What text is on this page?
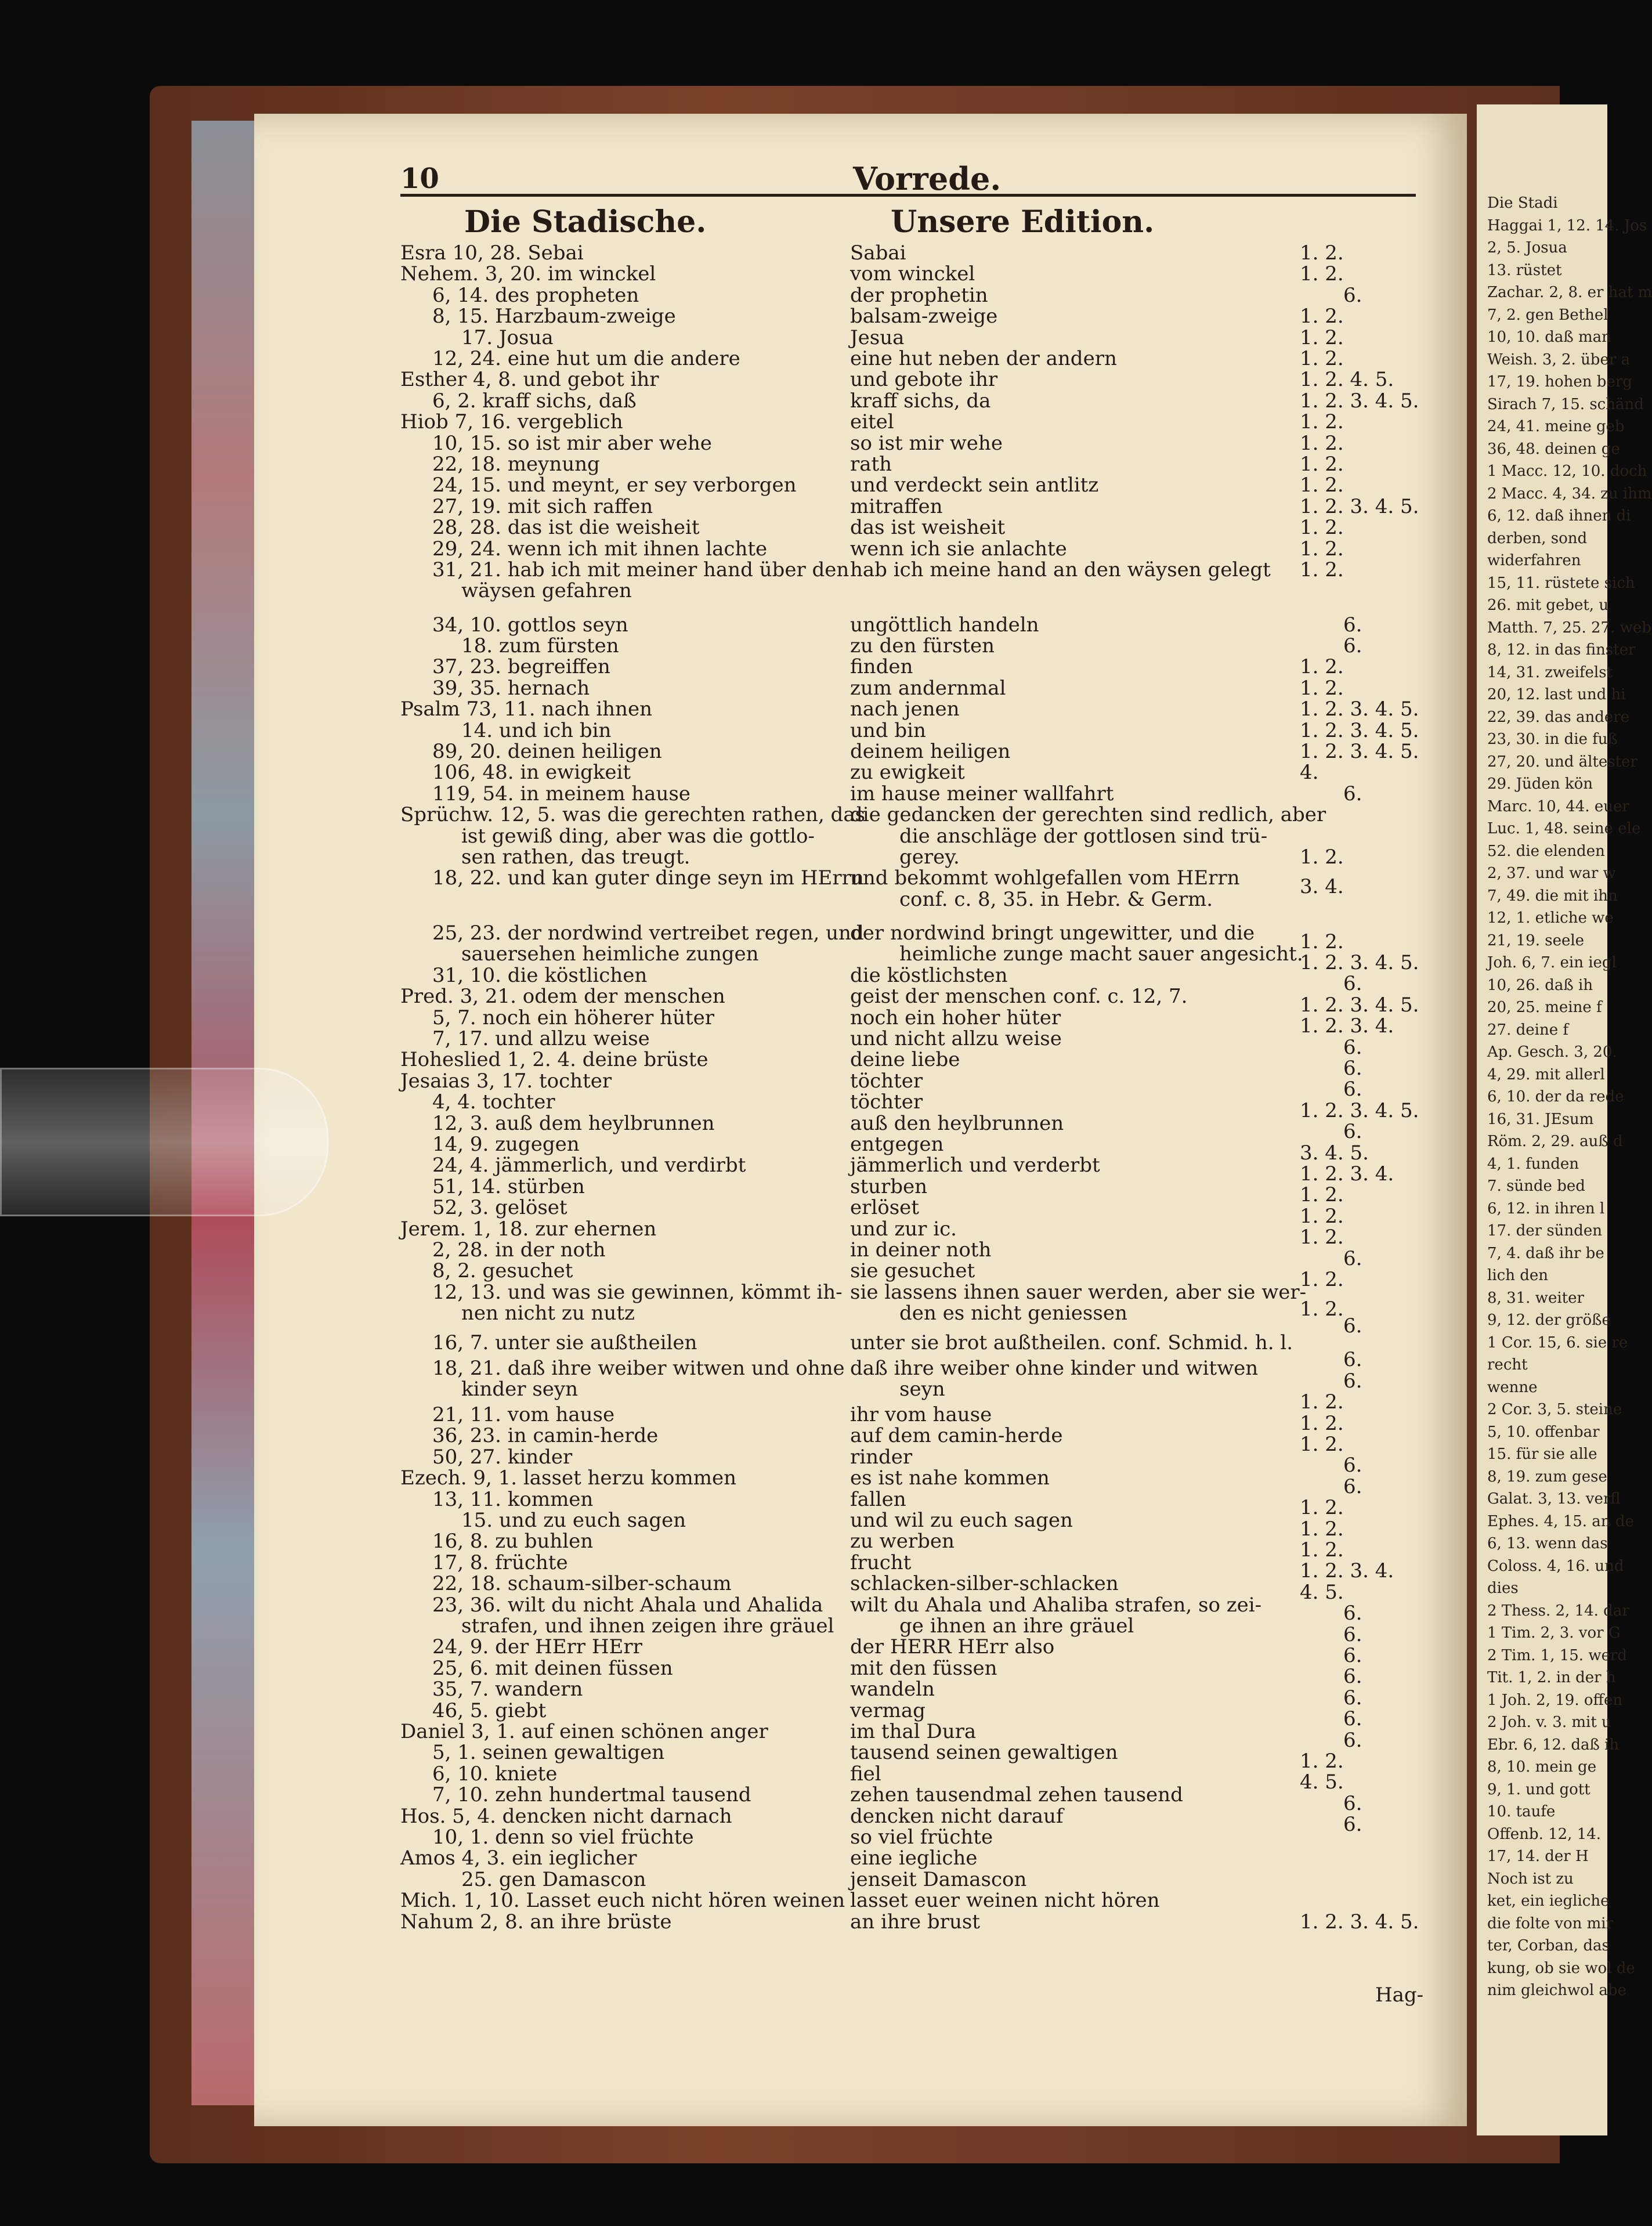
Die Stadi
Haggai 1, 12. 14. Jos
2, 5. Josua
13. rüstet
Zachar. 2, 8. er hat m
7, 2. gen Bethel
10, 10. daß man
Weish. 3, 2. über a
17, 19. hohen berg
Sirach 7, 15. schänd
24, 41. meine geb
36, 48. deinen ge
1 Macc. 12, 10. doch
2 Macc. 4, 34. zu ihm
6, 12. daß ihnen di
derben, sond
widerfahren
15, 11. rüstete sich
26. mit gebet, u
Matth. 7, 25. 27. web
8, 12. in das finster
14, 31. zweifelst
20, 12. last und hi
22, 39. das andere
23, 30. in die fuß
27, 20. und ältester
29. Jüden kön
Marc. 10, 44. euer
Luc. 1, 48. seine ele
52. die elenden
2, 37. und war w
7, 49. die mit ihn
12, 1. etliche we
21, 19. seele
Joh. 6, 7. ein iegl
10, 26. daß ih
20, 25. meine f
27. deine f
Ap. Gesch. 3, 20.
4, 29. mit allerl
6, 10. der da rede
16, 31. JEsum
Röm. 2, 29. auß d
4, 1. funden
7. sünde bed
6, 12. in ihren l
17. der sünden
7, 4. daß ihr be
lich den
8, 31. weiter
9, 12. der größe
1 Cor. 15, 6. sie re
recht
wenne
2 Cor. 3, 5. steine
5, 10. offenbar
15. für sie alle
8, 19. zum gese
Galat. 3, 13. verfl
Ephes. 4, 15. an de
6, 13. wenn das
Coloss. 4, 16. und
dies
2 Thess. 2, 14. dar
1 Tim. 2, 3. vor G
2 Tim. 1, 15. werd
Tit. 1, 2. in der h
1 Joh. 2, 19. offen
2 Joh. v. 3. mit u
Ebr. 6, 12. daß ih
8, 10. mein ge
9, 1. und gott
10. taufe
Offenb. 12, 14.
17, 14. der H
Noch ist zu
ket, ein iegliche
die folte von mir
ter, Corban, das
kung, ob sie wol de
nim gleichwol abe
10	Vorrede.
Die Stadische.	Unsere Edition.
Esra 10, 28. Sebai
Nehem. 3, 20. im winckel
6, 14. des propheten
8, 15. Harzbaum-zweige
17. Josua
12, 24. eine hut um die andere
Esther 4, 8. und gebot ihr
6, 2. kraff sichs, daß
Hiob 7, 16. vergeblich
10, 15. so ist mir aber wehe
22, 18. meynung
24, 15. und meynt, er sey verborgen
27, 19. mit sich raffen
28, 28. das ist die weisheit
29, 24. wenn ich mit ihnen lachte
31, 21. hab ich mit meiner hand über den
wäysen gefahren
34, 10. gottlos seyn
18. zum fürsten
37, 23. begreiffen
39, 35. hernach
Psalm 73, 11. nach ihnen
14. und ich bin
89, 20. deinen heiligen
106, 48. in ewigkeit
119, 54. in meinem hause
Sprüchw. 12, 5. was die gerechten rathen, das
ist gewiß ding, aber was die gottlo-
sen rathen, das treugt.
18, 22. und kan guter dinge seyn im HErrn
25, 23. der nordwind vertreibet regen, und
sauersehen heimliche zungen
31, 10. die köstlichen
Pred. 3, 21. odem der menschen
5, 7. noch ein höherer hüter
7, 17. und allzu weise
Hoheslied 1, 2. 4. deine brüste
Jesaias 3, 17. tochter
4, 4. tochter
12, 3. auß dem heylbrunnen
14, 9. zugegen
24, 4. jämmerlich, und verdirbt
51, 14. stürben
52, 3. gelöset
Jerem. 1, 18. zur ehernen
2, 28. in der noth
8, 2. gesuchet
12, 13. und was sie gewinnen, kömmt ih-
nen nicht zu nutz
16, 7. unter sie außtheilen
18, 21. daß ihre weiber witwen und ohne
kinder seyn
21, 11. vom hause
36, 23. in camin-herde
50, 27. kinder
Ezech. 9, 1. lasset herzu kommen
13, 11. kommen
15. und zu euch sagen
16, 8. zu buhlen
17, 8. früchte
22, 18. schaum-silber-schaum
23, 36. wilt du nicht Ahala und Ahalida
strafen, und ihnen zeigen ihre gräuel
24, 9. der HErr HErr
25, 6. mit deinen füssen
35, 7. wandern
46, 5. giebt
Daniel 3, 1. auf einen schönen anger
5, 1. seinen gewaltigen
6, 10. kniete
7, 10. zehn hundertmal tausend
Hos. 5, 4. dencken nicht darnach
10, 1. denn so viel früchte
Amos 4, 3. ein ieglicher
25. gen Damascon
Mich. 1, 10. Lasset euch nicht hören weinen
Nahum 2, 8. an ihre brüste
Sabai
vom winckel
der prophetin
balsam-zweige
Jesua
eine hut neben der andern
und gebote ihr
kraff sichs, da
eitel
so ist mir wehe
rath
und verdeckt sein antlitz
mitraffen
das ist weisheit
wenn ich sie anlachte
hab ich meine hand an den wäysen gelegt
ungöttlich handeln
zu den fürsten
finden
zum andernmal
nach jenen
und bin
deinem heiligen
zu ewigkeit
im hause meiner wallfahrt
die gedancken der gerechten sind redlich, aber
die anschläge der gottlosen sind trü-
gerey.
und bekommt wohlgefallen vom HErrn
conf. c. 8, 35. in Hebr. & Germ.
der nordwind bringt ungewitter, und die
heimliche zunge macht sauer angesicht.
die köstlichsten
geist der menschen conf. c. 12, 7.
noch ein hoher hüter
und nicht allzu weise
deine liebe
töchter
töchter
auß den heylbrunnen
entgegen
jämmerlich und verderbt
sturben
erlöset
und zur ic.
in deiner noth
sie gesuchet
sie lassens ihnen sauer werden, aber sie wer-
den es nicht geniessen
unter sie brot außtheilen. conf. Schmid. h. l.
daß ihre weiber ohne kinder und witwen
seyn
ihr vom hause
auf dem camin-herde
rinder
es ist nahe kommen
fallen
und wil zu euch sagen
zu werben
frucht
schlacken-silber-schlacken
wilt du Ahala und Ahaliba strafen, so zei-
ge ihnen an ihre gräuel
der HERR HErr also
mit den füssen
wandeln
vermag
im thal Dura
tausend seinen gewaltigen
fiel
zehen tausendmal zehen tausend
dencken nicht darauf
so viel früchte
eine iegliche
jenseit Damascon
lasset euer weinen nicht hören
an ihre brust
1. 2.
1. 2.
6.
1. 2.
1. 2.
1. 2.
1. 2. 4. 5.
1. 2. 3. 4. 5.
1. 2.
1. 2.
1. 2.
1. 2.
1. 2. 3. 4. 5.
1. 2.
1. 2.
1. 2.
6.
6.
1. 2.
1. 2.
1. 2. 3. 4. 5.
1. 2. 3. 4. 5.
1. 2. 3. 4. 5.
4.
6.
1. 2.
3. 4.
1. 2.
1. 2. 3. 4. 5.
6.
1. 2. 3. 4. 5.
1. 2. 3. 4.
6.
6.
6.
1. 2. 3. 4. 5.
6.
3. 4. 5.
1. 2. 3. 4.
1. 2.
1. 2.
1. 2.
6.
1. 2.
1. 2.
6.
6.
6.
1. 2.
1. 2.
1. 2.
6.
6.
1. 2.
1. 2.
1. 2.
1. 2. 3. 4.
4. 5.
6.
6.
6.
6.
6.
6.
6.
1. 2.
4. 5.
6.
6.
1. 2. 3. 4. 5.
Hag-
